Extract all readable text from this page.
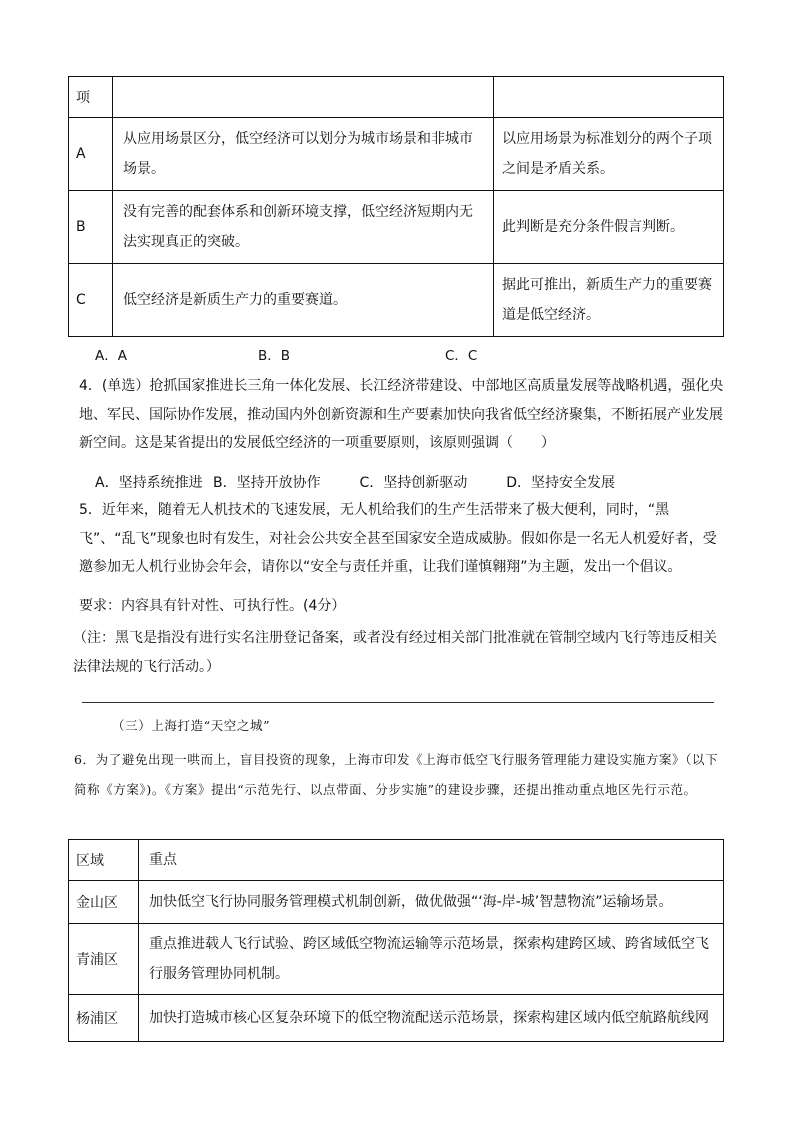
项		
A	从应用场景区分，低空经济可以划分为城市场景和非城市场景。	以应用场景为标准划分的两个子项之间是矛盾关系。
B	没有完善的配套体系和创新环境支撑，低空经济短期内无法实现真正的突破。	此判断是充分条件假言判断。
C	低空经济是新质生产力的重要赛道。	据此可推出，新质生产力的重要赛道是低空经济。
A．A	B．B	C．C
4．(单选）抢抓国家推进长三角一体化发展、长江经济带建设、中部地区高质量发展等战略机遇，强化央地、军民、国际协作发展，推动国内外创新资源和生产要素加快向我省低空经济聚集，不断拓展产业发展新空间。这是某省提出的发展低空经济的一项重要原则，该原则强调（　　）
A．坚持系统推进 B．坚持开放协作	C．坚持创新驱动	D．坚持安全发展
5．近年来，随着无人机技术的飞速发展，无人机给我们的生产生活带来了极大便利，同时，“黑飞”、“乱飞”现象也时有发生，对社会公共安全甚至国家安全造成威胁。假如你是一名无人机爱好者，受邀参加无人机行业协会年会，请你以“安全与责任并重，让我们谨慎翱翔”为主题，发出一个倡议。
要求：内容具有针对性、可执行性。(4分）
（注：黑飞是指没有进行实名注册登记备案，或者没有经过相关部门批准就在管制空域内飞行等违反相关法律法规的飞行活动。）
（三）上海打造“天空之城”
6．为了避免出现一哄而上，盲目投资的现象，上海市印发《上海市低空飞行服务管理能力建设实施方案》（以下简称《方案》)。《方案》提出“示范先行、以点带面、分步实施”的建设步骤，还提出推动重点地区先行示范。
区域	重点
金山区	加快低空飞行协同服务管理模式机制创新，做优做强“‘海-岸-城’智慧物流”运输场景。
青浦区	重点推进载人飞行试验、跨区域低空物流运输等示范场景，探索构建跨区域、跨省域低空飞行服务管理协同机制。
杨浦区	加快打造城市核心区复杂环境下的低空物流配送示范场景，探索构建区域内低空航路航线网
